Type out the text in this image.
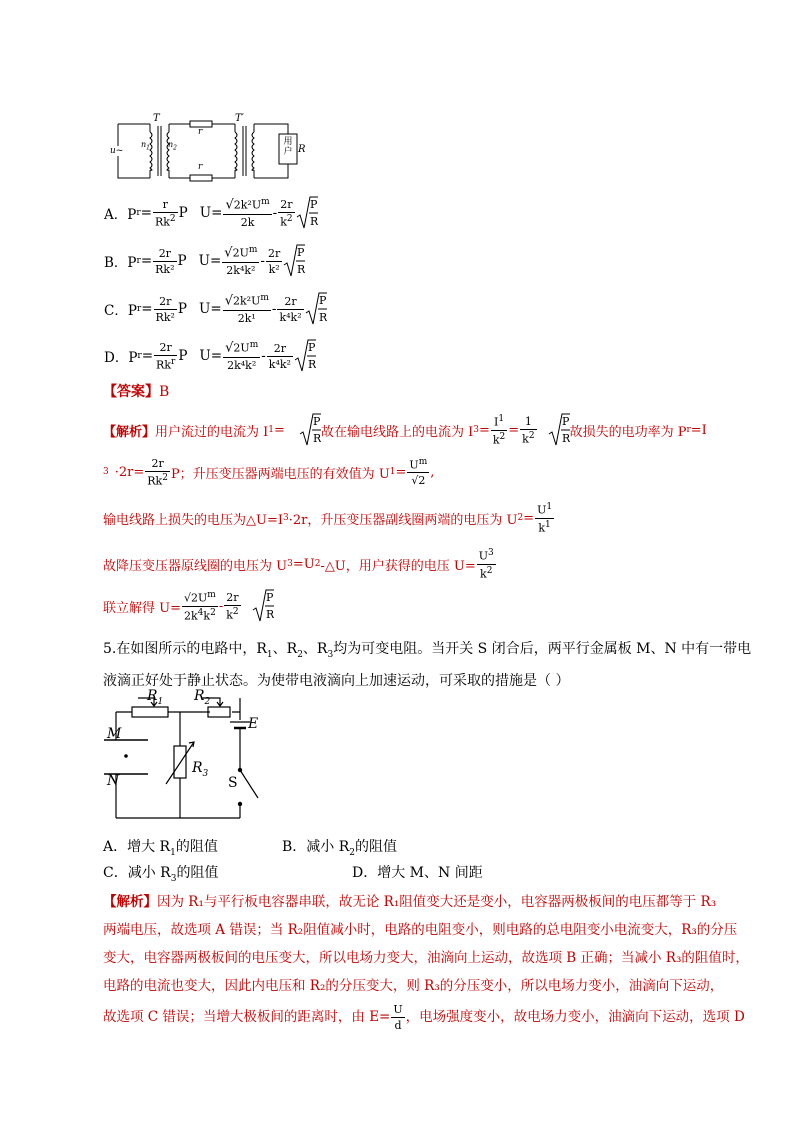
T	T′
u~
$n_1$ $n_2$
r
r
用户 R
A．P $r = \frac{r}{Rk^2}$ P $U= \frac{√2k^2U^m}{2k} - \frac{2r}{k^2}$ P
R
B．P $r = \frac{2r}{\text{Rk²}}$ P $U= \frac{√2U^m}{\text{2k⁴k²}} - \frac{2r}{\text{k²}}$ P
R
C．P $r = \frac{2r}{\text{Rk²}}$ P $U= \frac{√2k^2U^m}{\text{2k¹}} - \frac{2r}{\text{k⁴k²}}$ P
R
D．P $r = \frac{2r}{Rk^r}$ P $U= \frac{√2U^m}{\text{2k⁴k²}} - \frac{2r}{\text{k⁴k²}}$ P
R
【答案】B
【解析】 用户流过的电流为 I 1 =
P
R 故在输电线路上的电流为 I $3 = \frac{I^1}{k^2} = \frac{1}{k^2}$ P
R 故损失的电功率为 P r =I
$3 \cdot 2r= \frac{2r}{Rk^2}$ P；升压变压器两端电压的有效值为 U $1 = \frac{U^m}{√2}$ ,
输电线路上损失的电压为△U=I 3 ·2r，升压变压器副线圈两端的电压为 U $2 = \frac{U^1}{k^1}$
故降压变压器原线圈的电压为 U 3 =U 2 -△U，用户获得的电压 $U= \frac{U^3}{k^2}$
联立解得 $U= \frac{√2U^m}{2k^4k^2} - \frac{2r}{k^2}$ P
R
5.在如图所示的电路中，$R_1$、$R_2$、$R_3$均为可变电阻。当开关 S 闭合后，两平行金属板 M、N 中有一带电
液滴正好处于静止状态。为使带电液滴向上加速运动，可采取的措施是（ ）
$R_1$ $R_2$
$R_3$
E
M
N	S
A．增大 $R_1$的阻值	B．减小 $R_2$的阻值
C．减小 $R_3$的阻值	D．增大 M、N 间距
【解析】因为 R₁与平行板电容器串联，故无论 R₁阻值变大还是变小，电容器两极板间的电压都等于 R₃
两端电压，故选项 A 错误；当 R₂阻值减小时，电路的电阻变小，则电路的总电阻变小电流变大，R₃的分压
变大，电容器两极板间的电压变大，所以电场力变大，油滴向上运动，故选项 B 正确；当减小 R₃的阻值时，
电路的电流也变大，因此内电压和 R₂的分压变大，则 R₃的分压变小，所以电场力变小，油滴向下运动，
故选项 C 错误；当增大极板间的距离时，由 $E= \frac{U}{d}$ ，电场强度变小，故电场力变小，油滴向下运动，选项 D
